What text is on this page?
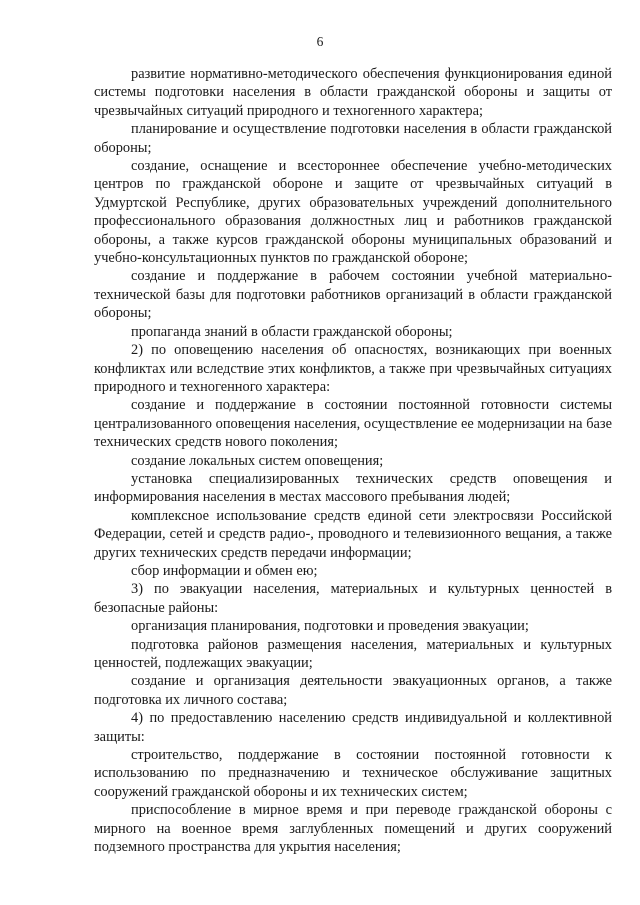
6

развитие нормативно-методического обеспечения функционирования единой системы подготовки населения в области гражданской обороны и защиты от чрезвычайных ситуаций природного и техногенного характера;

планирование и осуществление подготовки населения в области гражданской обороны;

создание, оснащение и всестороннее обеспечение учебно-методических центров по гражданской обороне и защите от чрезвычайных ситуаций в Удмуртской Республике, других образовательных учреждений дополнительного профессионального образования должностных лиц и работников гражданской обороны, а также курсов гражданской обороны муниципальных образований и учебно-консультационных пунктов по гражданской обороне;

создание и поддержание в рабочем состоянии учебной материально-технической базы для подготовки работников организаций в области гражданской обороны;

пропаганда знаний в области гражданской обороны;

2) по оповещению населения об опасностях, возникающих при военных конфликтах или вследствие этих конфликтов, а также при чрезвычайных ситуациях природного и техногенного характера:

создание и поддержание в состоянии постоянной готовности системы централизованного оповещения населения, осуществление ее модернизации на базе технических средств нового поколения;

создание локальных систем оповещения;

установка специализированных технических средств оповещения и информирования населения в местах массового пребывания людей;

комплексное использование средств единой сети электросвязи Российской Федерации, сетей и средств радио-, проводного и телевизионного вещания, а также других технических средств передачи информации;

сбор информации и обмен ею;

3) по эвакуации населения, материальных и культурных ценностей в безопасные районы:

организация планирования, подготовки и проведения эвакуации;

подготовка районов размещения населения, материальных и культурных ценностей, подлежащих эвакуации;

создание и организация деятельности эвакуационных органов, а также подготовка их личного состава;

4) по предоставлению населению средств индивидуальной и коллективной защиты:

строительство, поддержание в состоянии постоянной готовности к использованию по предназначению и техническое обслуживание защитных сооружений гражданской обороны и их технических систем;

приспособление в мирное время и при переводе гражданской обороны с мирного на военное время заглубленных помещений и других сооружений подземного пространства для укрытия населения;
